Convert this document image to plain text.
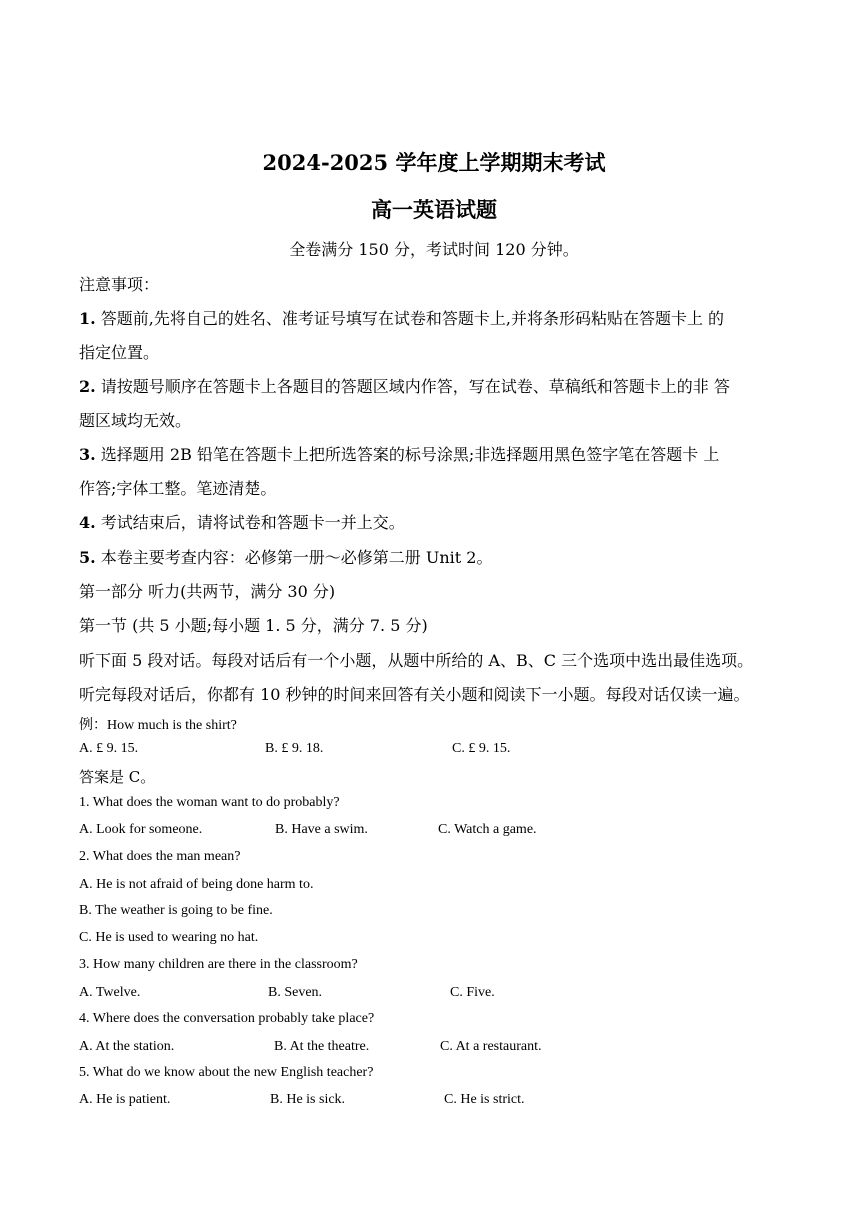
2024-2025 学年度上学期期末考试
高一英语试题
全卷满分 150 分，考试时间 120 分钟。
注意事项：
1. 答题前,先将自己的姓名、准考证号填写在试卷和答题卡上,并将条形码粘贴在答题卡上 的
指定位置。
2. 请按题号顺序在答题卡上各题目的答题区域内作答，写在试卷、草稿纸和答题卡上的非 答
题区域均无效。
3. 选择题用 2B 铅笔在答题卡上把所选答案的标号涂黑;非选择题用黑色签字笔在答题卡 上
作答;字体工整。笔迹清楚。
4. 考试结束后，请将试卷和答题卡一并上交。
5. 本卷主要考查内容：必修第一册～必修第二册 Unit 2。
第一部分 听力(共两节，满分 30 分)
第一节 (共 5 小题;每小题 1. 5 分，满分 7. 5 分)
听下面 5 段对话。每段对话后有一个小题，从题中所给的 A、B、C 三个选项中选出最佳选项。
听完每段对话后，你都有 10 秒钟的时间来回答有关小题和阅读下一小题。每段对话仅读一遍。
例：How much is the shirt?
A. £ 9. 15.	B. £ 9. 18.	C. £ 9. 15.
答案是 C。
1. What does the woman want to do probably?
A. Look for someone.	B. Have a swim.	C. Watch a game.
2. What does the man mean?
A. He is not afraid of being done harm to.
B. The weather is going to be fine.
C. He is used to wearing no hat.
3. How many children are there in the classroom?
A. Twelve.	B. Seven.	C. Five.
4. Where does the conversation probably take place?
A. At the station.	B. At the theatre.	C. At a restaurant.
5. What do we know about the new English teacher?
A. He is patient.	B. He is sick.	C. He is strict.
